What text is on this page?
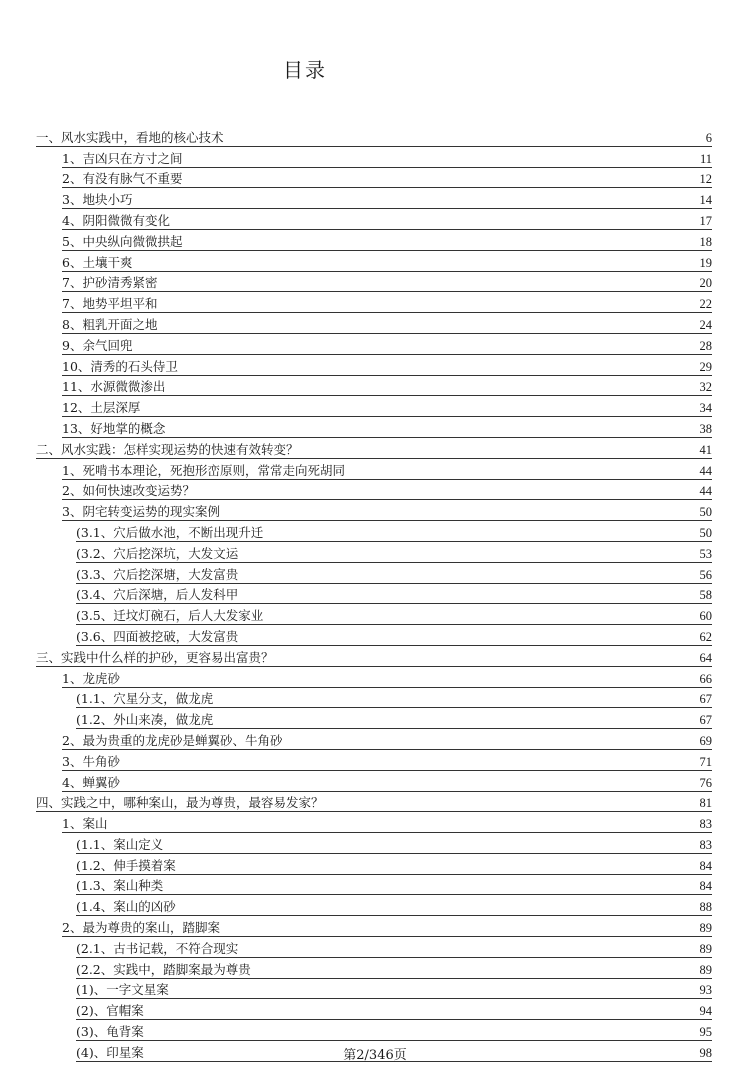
目录
一、风水实践中，看地的核心技术	6
1、吉凶只在方寸之间	11
2、有没有脉气不重要	12
3、地块小巧	14
4、阴阳微微有变化	17
5、中央纵向微微拱起	18
6、土壤干爽	19
7、护砂清秀紧密	20
7、地势平坦平和	22
8、粗乳开面之地	24
9、余气回兜	28
10、清秀的石头侍卫	29
11、水源微微渗出	32
12、土层深厚	34
13、好地掌的概念	38
二、风水实践：怎样实现运势的快速有效转变？	41
1、死啃书本理论，死抱形峦原则，常常走向死胡同	44
2、如何快速改变运势？	44
3、阴宅转变运势的现实案例	50
(3.1、穴后做水池，不断出现升迁	50
(3.2、穴后挖深坑，大发文运	53
(3.3、穴后挖深塘，大发富贵	56
(3.4、穴后深塘，后人发科甲	58
(3.5、迁坟灯碗石，后人大发家业	60
(3.6、四面被挖破，大发富贵	62
三、实践中什么样的护砂，更容易出富贵？	64
1、龙虎砂	66
(1.1、穴星分支，做龙虎	67
(1.2、外山来凑，做龙虎	67
2、最为贵重的龙虎砂是蝉翼砂、牛角砂	69
3、牛角砂	71
4、蝉翼砂	76
四、实践之中，哪种案山，最为尊贵，最容易发家？	81
1、案山	83
(1.1、案山定义	83
(1.2、伸手摸着案	84
(1.3、案山种类	84
(1.4、案山的凶砂	88
2、最为尊贵的案山，踏脚案	89
(2.1、古书记载，不符合现实	89
(2.2、实践中，踏脚案最为尊贵	89
(1)、一字文星案	93
(2)、官帽案	94
(3)、龟背案	95
(4)、印星案	98
第2/346页
